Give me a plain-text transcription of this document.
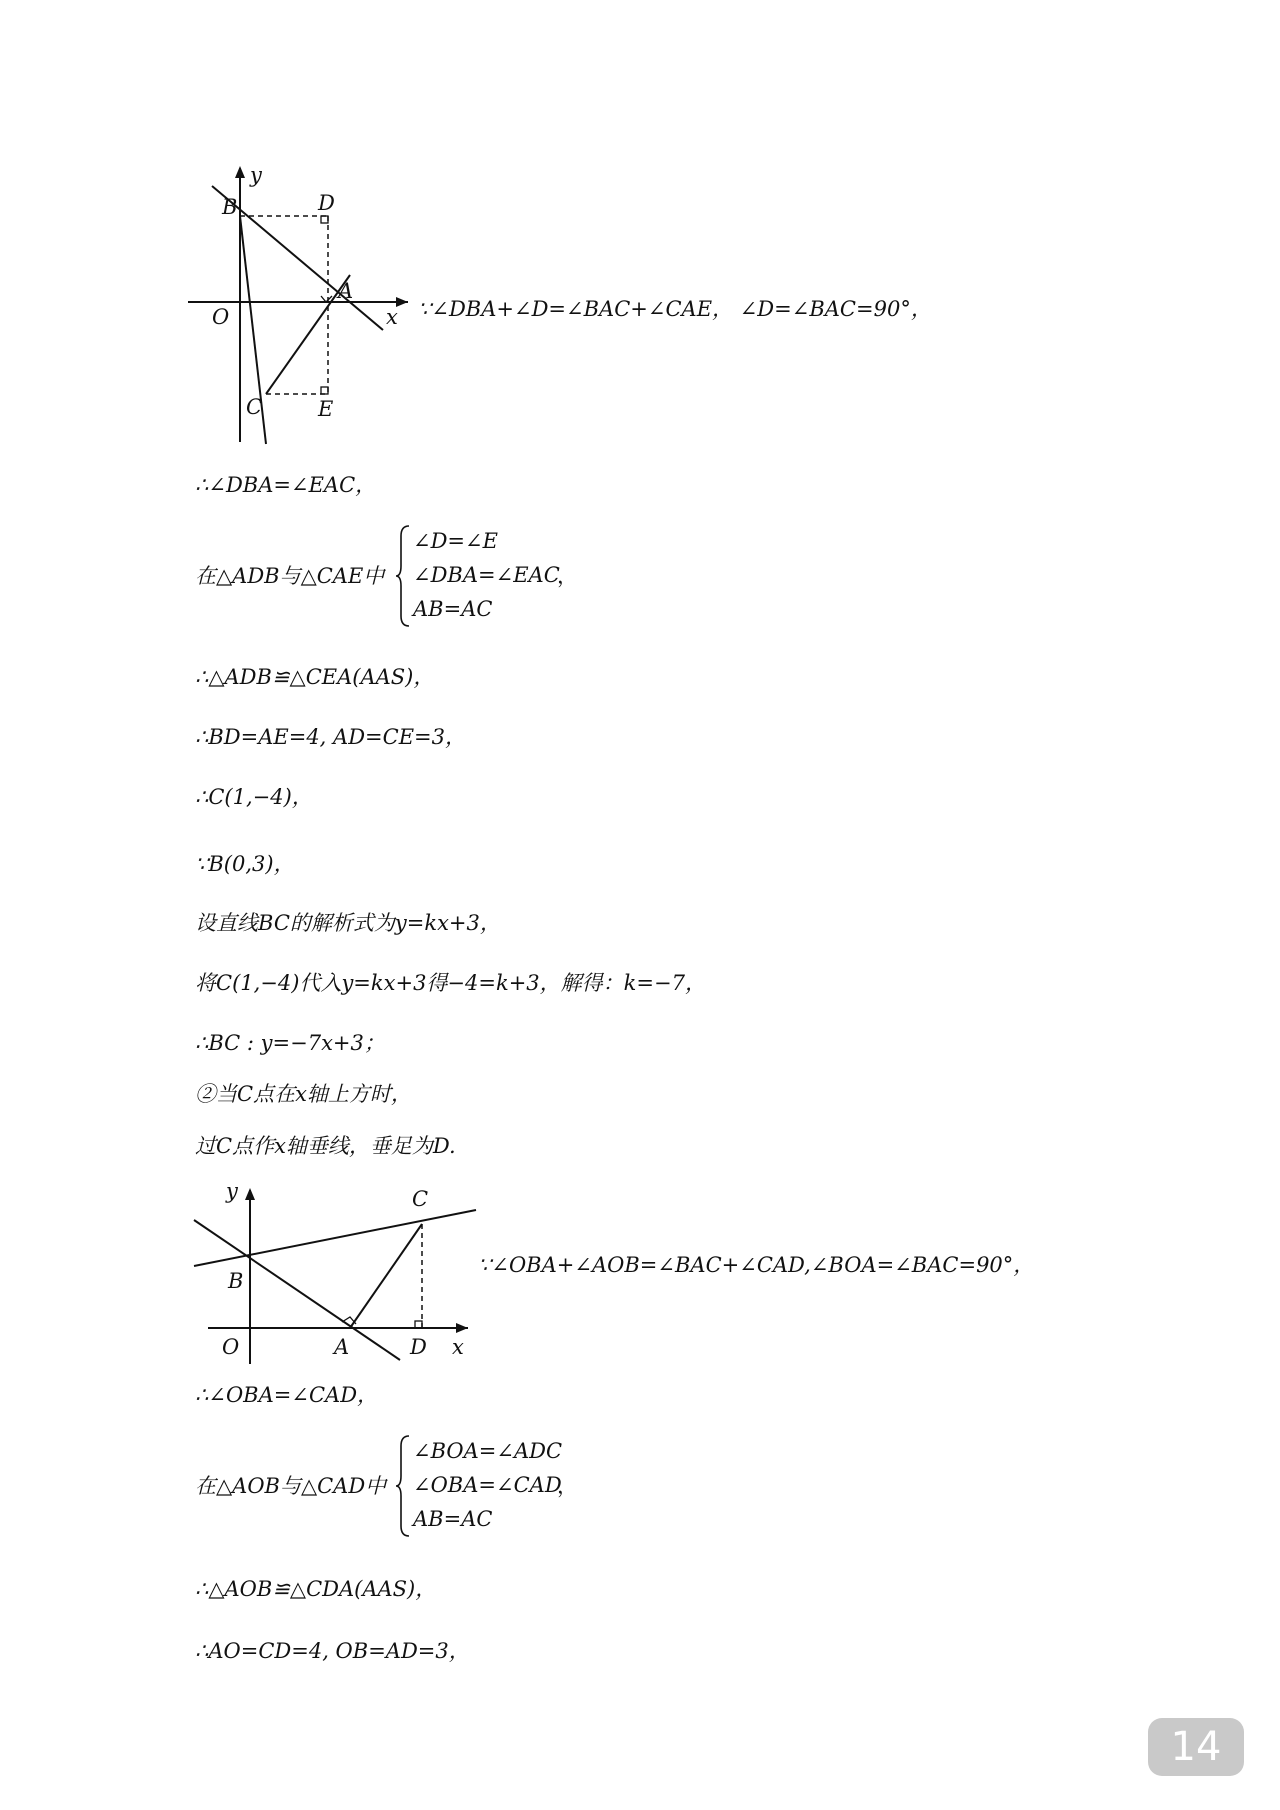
y
x
O
B	D
A
C	E
∵∠DBA+∠D=∠BAC+∠CAE， ∠D=∠BAC=90°，
∴∠DBA=∠EAC，
在△ADB与△CAE中
∠D=∠E
∠DBA=∠EAC
AB=AC
，
∴△ADB≌△CEA(AAS)，
∴BD=AE=4, AD=CE=3，
∴C(1,−4)，
∵B(0,3)，
设直线BC的解析式为y=kx+3，
将C(1,−4)代入y=kx+3得−4=k+3，解得：k=−7，
∴BC : y=−7x+3；
②当C点在x轴上方时，
过C点作x轴垂线，垂足为D.
y
x
O
B
A
C
D
∵∠OBA+∠AOB=∠BAC+∠CAD,∠BOA=∠BAC=90°，
∴∠OBA=∠CAD，
在△AOB与△CAD中
∠BOA=∠ADC
∠OBA=∠CAD
AB=AC
，
∴△AOB≌△CDA(AAS)，
∴AO=CD=4, OB=AD=3，
14
